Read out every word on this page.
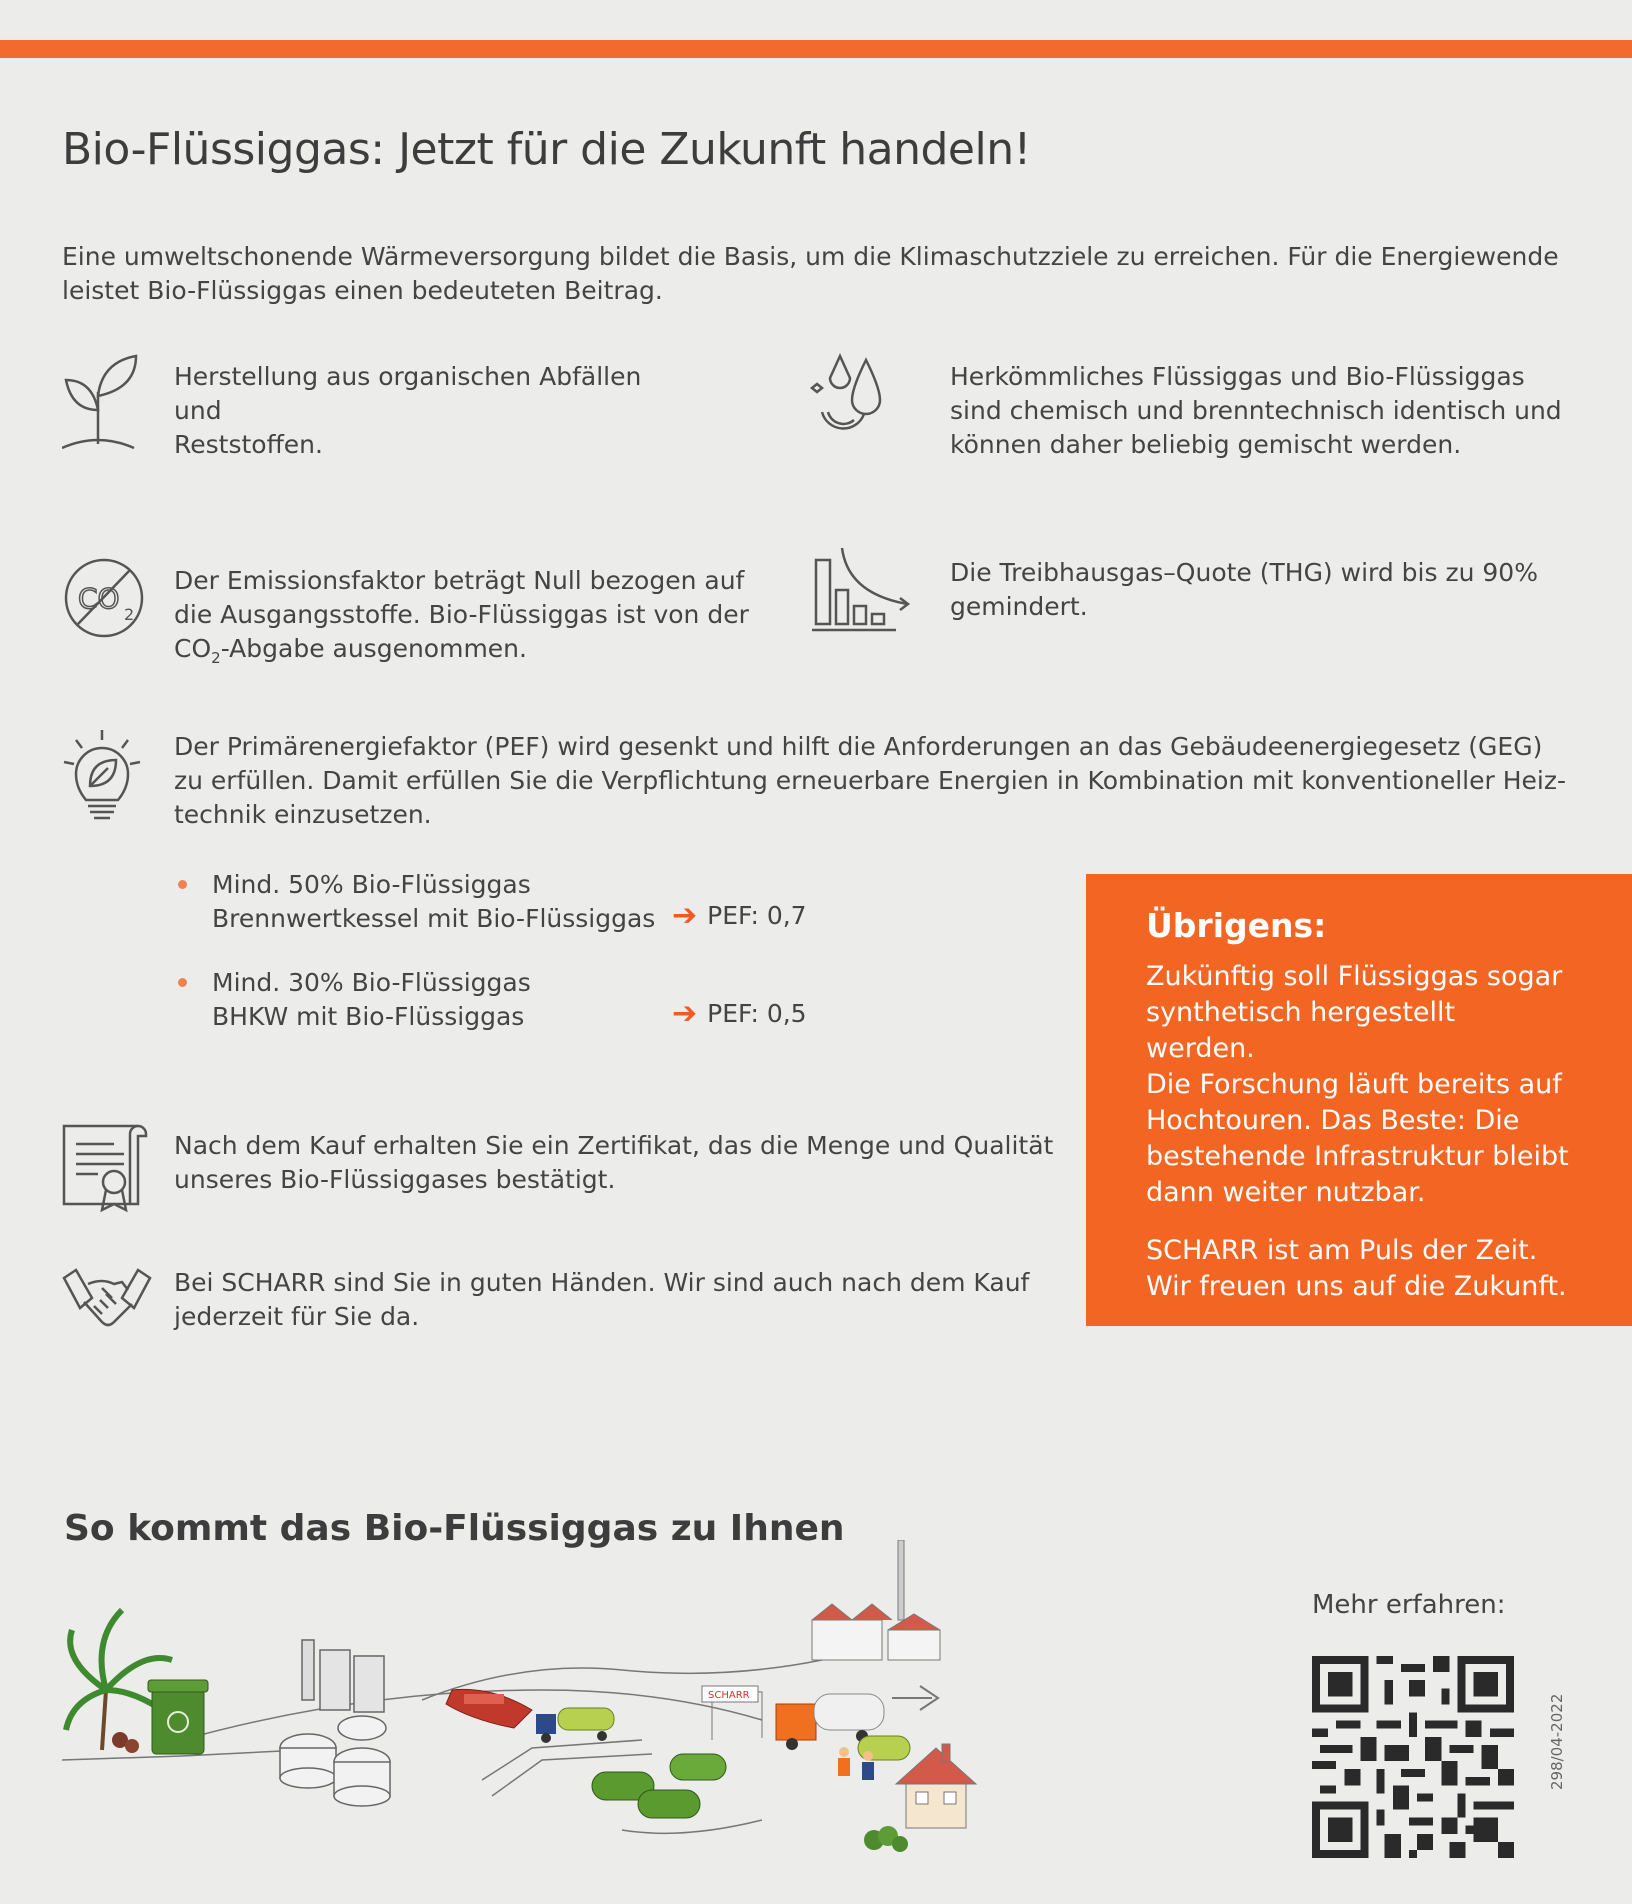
Bio-Flüssiggas: Jetzt für die Zukunft handeln!

Eine umweltschonende Wärmeversorgung bildet die Basis, um die Klimaschutzziele zu erreichen. Für die Energiewende leistet Bio-Flüssiggas einen bedeuteten Beitrag.

Herstellung aus organischen Abfällen und
Reststoffen.
Herkömmliches Flüssiggas und Bio-Flüssiggas
sind chemisch und brenntechnisch identisch und
können daher beliebig gemischt werden.
CO 2
Der Emissionsfaktor beträgt Null bezogen auf
die Ausgangsstoffe. Bio-Flüssiggas ist von der
$CO_2$-Abgabe ausgenommen.
Die Treibhausgas–Quote (THG) wird bis zu 90%
gemindert.
Der Primärenergiefaktor (PEF) wird gesenkt und hilft die Anforderungen an das Gebäudeenergiegesetz (GEG)
zu erfüllen. Damit erfüllen Sie die Verpflichtung erneuerbare Energien in Kombination mit konventioneller Heiz-
technik einzusetzen.
Mind. 50% Bio-Flüssiggas
Brennwertkessel mit Bio-Flüssiggas ➔ PEF: 0,7
Mind. 30% Bio-Flüssiggas
BHKW mit Bio-Flüssiggas	➔ PEF: 0,5
Nach dem Kauf erhalten Sie ein Zertifikat, das die Menge und Qualität
unseres Bio-Flüssiggases bestätigt.
Bei SCHARR sind Sie in guten Händen. Wir sind auch nach dem Kauf
jederzeit für Sie da.
Übrigens:

Zukünftig soll Flüssiggas sogar
synthetisch hergestellt werden.
Die Forschung läuft bereits auf
Hochtouren. Das Beste: Die
bestehende Infrastruktur bleibt
dann weiter nutzbar.

SCHARR ist am Puls der Zeit.
Wir freuen uns auf die Zukunft.

So kommt das Bio-Flüssiggas zu Ihnen
SCHARR
Mehr erfahren:
298/04-2022
